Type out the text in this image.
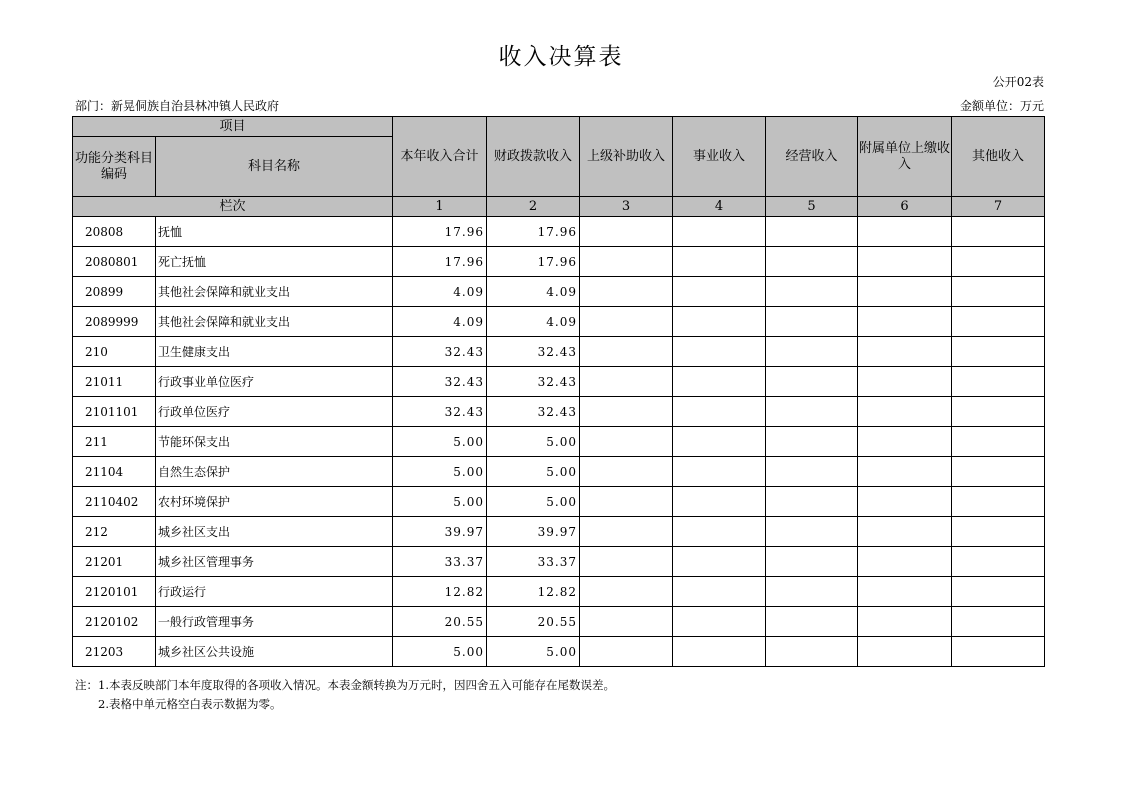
收入决算表
公开02表
部门：新晃侗族自治县林冲镇人民政府	金额单位：万元
项目		本年收入合计	财政拨款收入	上级补助收入	事业收入	经营收入	附属单位上缴收入	其他收入
功能分类科目编码	科目名称							
栏次		1	2	3	4	5	6	7
20808	抚恤	17.96	17.96					
2080801	死亡抚恤	17.96	17.96					
20899	其他社会保障和就业支出	4.09	4.09					
2089999	其他社会保障和就业支出	4.09	4.09					
210	卫生健康支出	32.43	32.43					
21011	行政事业单位医疗	32.43	32.43					
2101101	行政单位医疗	32.43	32.43					
211	节能环保支出	5.00	5.00					
21104	自然生态保护	5.00	5.00					
2110402	农村环境保护	5.00	5.00					
212	城乡社区支出	39.97	39.97					
21201	城乡社区管理事务	33.37	33.37					
2120101	行政运行	12.82	12.82					
2120102	一般行政管理事务	20.55	20.55					
21203	城乡社区公共设施	5.00	5.00					
注：1.本表反映部门本年度取得的各项收入情况。本表金额转换为万元时，因四舍五入可能存在尾数误差。
2.表格中单元格空白表示数据为零。
